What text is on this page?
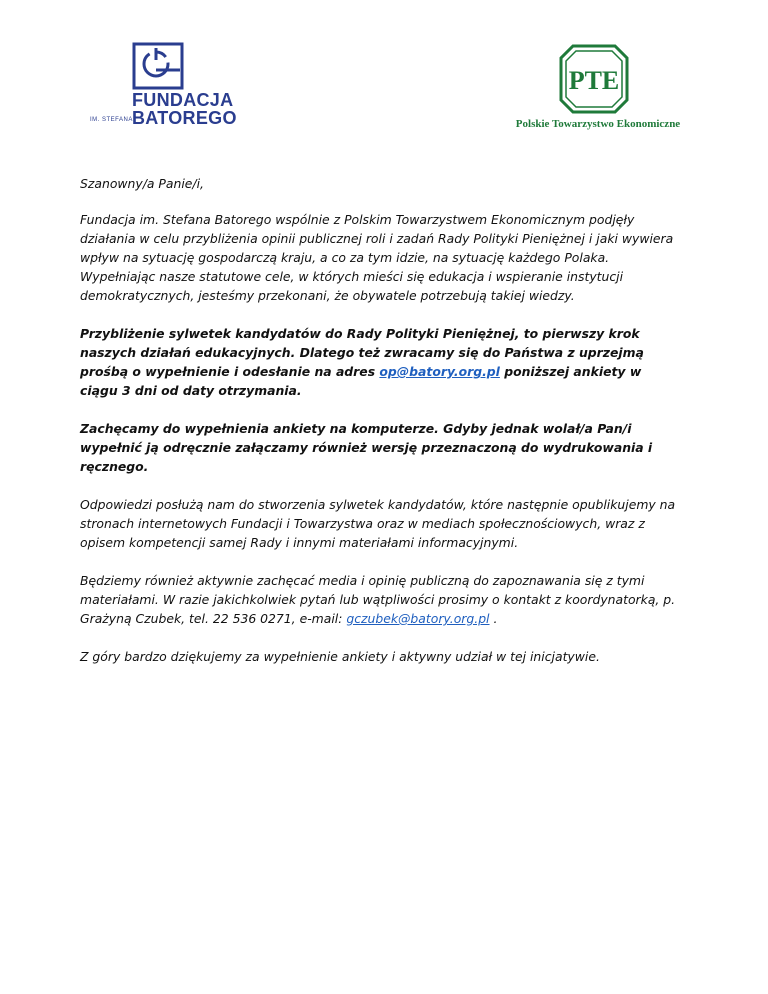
FUNDACJA
IM. STEFANA BATOREGO
PTE
Polskie Towarzystwo Ekonomiczne

Szanowny/a Panie/i,

Fundacja im. Stefana Batorego wspólnie z Polskim Towarzystwem Ekonomicznym podjęły działania w celu przybliżenia opinii publicznej roli i zadań Rady Polityki Pieniężnej i jaki wywiera wpływ na sytuację gospodarczą kraju, a co za tym idzie, na sytuację każdego Polaka. Wypełniając nasze statutowe cele, w których mieści się edukacja i wspieranie instytucji demokratycznych, jesteśmy przekonani, że obywatele potrzebują takiej wiedzy.

Przybliżenie sylwetek kandydatów do Rady Polityki Pieniężnej, to pierwszy krok naszych działań edukacyjnych. Dlatego też zwracamy się do Państwa z uprzejmą prośbą o wypełnienie i odesłanie na adres op@batory.org.pl poniższej ankiety w ciągu 3 dni od daty otrzymania.

Zachęcamy do wypełnienia ankiety na komputerze. Gdyby jednak wolał/a Pan/i wypełnić ją odręcznie załączamy również wersję przeznaczoną do wydrukowania i ręcznego.

Odpowiedzi posłużą nam do stworzenia sylwetek kandydatów, które następnie opublikujemy na stronach internetowych Fundacji i Towarzystwa oraz w mediach społecznościowych, wraz z opisem kompetencji samej Rady i innymi materiałami informacyjnymi.

Będziemy również aktywnie zachęcać media i opinię publiczną do zapoznawania się z tymi materiałami. W razie jakichkolwiek pytań lub wątpliwości prosimy o kontakt z koordynatorką, p. Grażyną Czubek, tel. 22 536 0271, e-mail: gczubek@batory.org.pl .

Z góry bardzo dziękujemy za wypełnienie ankiety i aktywny udział w tej inicjatywie.
